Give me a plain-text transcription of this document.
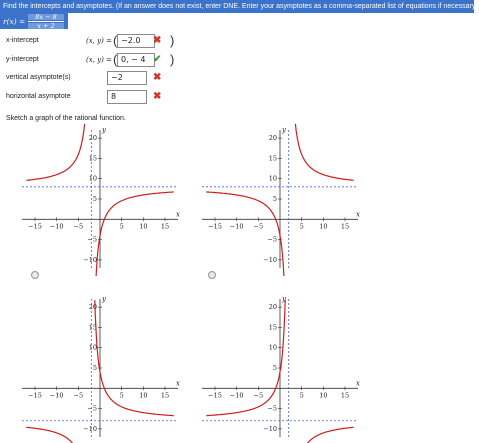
Find the intercepts and asymptotes. (If an answer does not exist, enter DNE. Enter your asymptotes as a comma-separated list of equations if necessary.)
r(x) =	8x − 8
x + 2
x-intercept	(x, y) = ( −2.0	✖ )
y-intercept	(x, y) = ( 0, − 4 ✔ )
vertical asymptote(s)	−2	✖
horizontal asymptote	8	✖
Sketch a graph of the rational function.
−15 −10 −5	5 10 15
20
15
10
5
−5
−10
x
y
−15 −10 −5	5 10 15
20
15
10
5
−5
−10
x
y
−15 −10 −5	5 10 15
20
15
10
5
−5
−10
x
y
−15 −10 −5	5 10 15
20
15
10
5
−5
−10
x
y
